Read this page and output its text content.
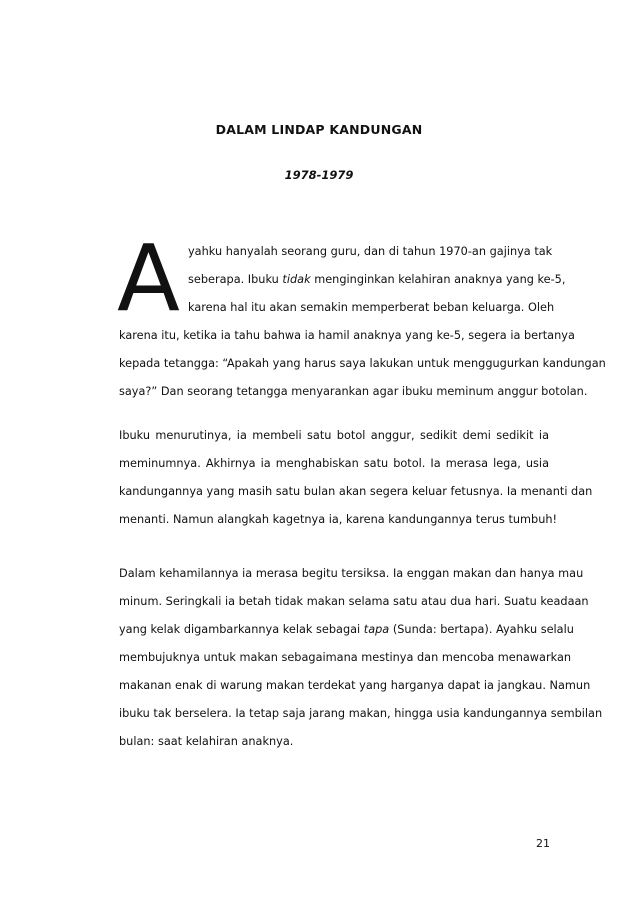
DALAM LINDAP KANDUNGAN
1978-1979
A yahku hanyalah seorang guru, dan di tahun 1970-an gajinya tak
seberapa. Ibuku tidak menginginkan kelahiran anaknya yang ke-5,
karena hal itu akan semakin memperberat beban keluarga. Oleh
karena itu, ketika ia tahu bahwa ia hamil anaknya yang ke-5, segera ia bertanya
kepada tetangga: “Apakah yang harus saya lakukan untuk menggugurkan kandungan
saya?” Dan seorang tetangga menyarankan agar ibuku meminum anggur botolan.
Ibuku menurutinya, ia membeli satu botol anggur, sedikit demi sedikit ia
meminumnya. Akhirnya ia menghabiskan satu botol. Ia merasa lega, usia
kandungannya yang masih satu bulan akan segera keluar fetusnya. Ia menanti dan
menanti. Namun alangkah kagetnya ia, karena kandungannya terus tumbuh!
Dalam kehamilannya ia merasa begitu tersiksa. Ia enggan makan dan hanya mau
minum. Seringkali ia betah tidak makan selama satu atau dua hari. Suatu keadaan
yang kelak digambarkannya kelak sebagai tapa (Sunda: bertapa). Ayahku selalu
membujuknya untuk makan sebagaimana mestinya dan mencoba menawarkan
makanan enak di warung makan terdekat yang harganya dapat ia jangkau. Namun
ibuku tak berselera. Ia tetap saja jarang makan, hingga usia kandungannya sembilan
bulan: saat kelahiran anaknya.
21
